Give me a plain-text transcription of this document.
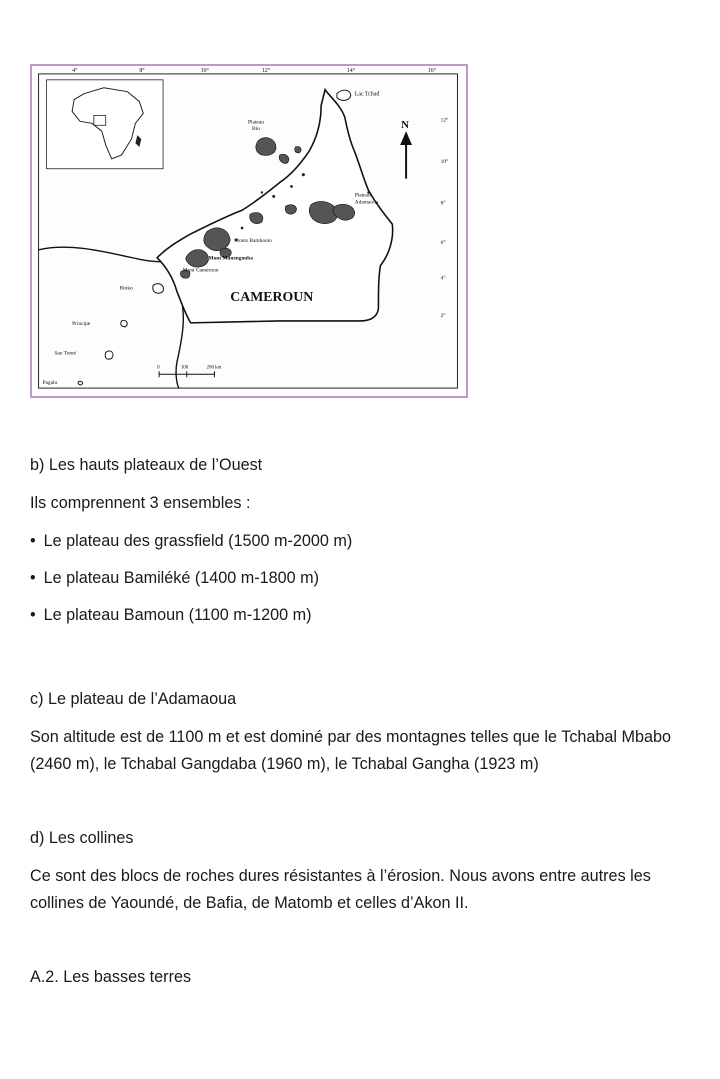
4°	8°	10°	12°	14°	16°
12°
10°
8°
6°
4°
2°
Lac Tchad
N
Plateau
Biu
Plateau
Adamaoua
Monts Bambouto
Mont Manengouba
Mont Cameroun
Bioko
Principe
Sao Tomé
Pagalu
CAMEROUN
0	100	200 km

b) Les hauts plateaux de l’Ouest

Ils comprennent 3 ensembles :

• Le plateau des grassfield (1500 m-2000 m)

• Le plateau Bamiléké (1400 m-1800 m)

• Le plateau Bamoun (1100 m-1200 m)

c) Le plateau de l’Adamaoua

Son altitude est de 1100 m et est dominé par des montagnes telles que le Tchabal Mbabo (2460 m), le Tchabal Gangdaba (1960 m), le Tchabal Gangha (1923 m)

d) Les collines

Ce sont des blocs de roches dures résistantes à l’érosion. Nous avons entre autres les collines de Yaoundé, de Bafia, de Matomb et celles d’Akon II.

A.2. Les basses terres
